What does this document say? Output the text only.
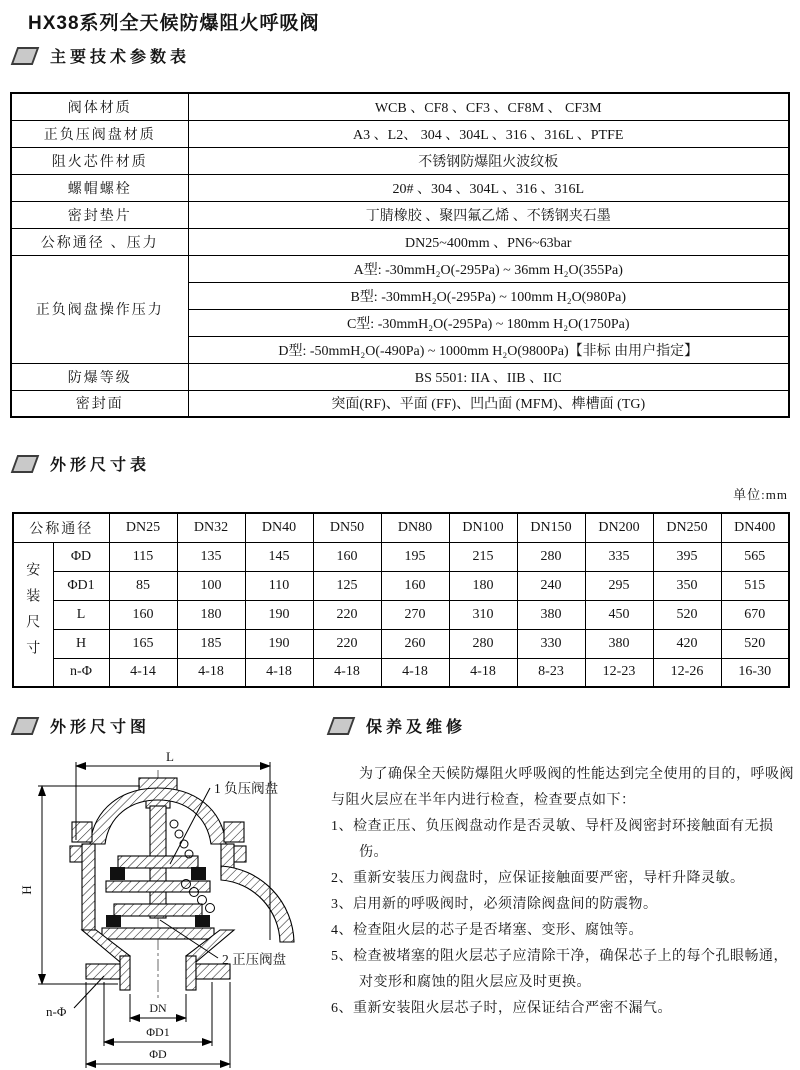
HX38系列全天候防爆阻火呼吸阀
主要技术参数表
阀体材质	WCB 、CF8 、CF3 、CF8M 、 CF3M
正负压阀盘材质	A3 、L2、 304 、304L 、316 、316L 、PTFE
阻火芯件材质	不锈钢防爆阻火波纹板
螺帽螺栓	20# 、304 、304L 、316 、316L
密封垫片	丁腈橡胶 、聚四氟乙烯 、不锈钢夹石墨
公称通径 、压力	DN25~400mm 、PN6~63bar
正负阀盘操作压力	A型: -30mmH₂O(-295Pa) ~ 36mm H₂O(355Pa)
	B型: -30mmH₂O(-295Pa) ~ 100mm H₂O(980Pa)
	C型: -30mmH₂O(-295Pa) ~ 180mm H₂O(1750Pa)
	D型: -50mmH₂O(-490Pa) ~ 1000mm H₂O(9800Pa)【非标 由用户指定】
防爆等级	BS 5501: IIA 、IIB 、IIC
密封面	突面(RF)、平面 (FF)、凹凸面 (MFM)、榫槽面 (TG)
外形尺寸表
单位:mm
公称通径		DN25	DN32	DN40	DN50	DN80	DN100	DN150	DN200	DN250	DN400
安装尺寸	ΦD	115	135	145	160	195	215	280	335	395	565
	ΦD1	85	100	110	125	160	180	240	295	350	515
	L	160	180	190	220	270	310	380	450	520	670
	H	165	185	190	220	260	280	330	380	420	520
	n-Φ	4-14	4-18	4-18	4-18	4-18	4-18	8-23	12-23	12-26	16-30
外形尺寸图	保养及维修
L
H
1 负压阀盘
2 正压阀盘
n-Φ	DN
ΦD1
ΦD
为了确保全天候防爆阻火呼吸阀的性能达到完全使用的目的，呼吸阀与阻火层应在半年内进行检查，检查要点如下：
1、检查正压、负压阀盘动作是否灵敏、导杆及阀密封环接触面有无损伤。
2、重新安装压力阀盘时，应保证接触面要严密，导杆升降灵敏。
3、启用新的呼吸阀时，必须清除阀盘间的防震物。
4、检查阻火层的芯子是否堵塞、变形、腐蚀等。
5、检查被堵塞的阻火层芯子应清除干净，确保芯子上的每个孔眼畅通，对变形和腐蚀的阻火层应及时更换。
6、重新安装阻火层芯子时，应保证结合严密不漏气。
